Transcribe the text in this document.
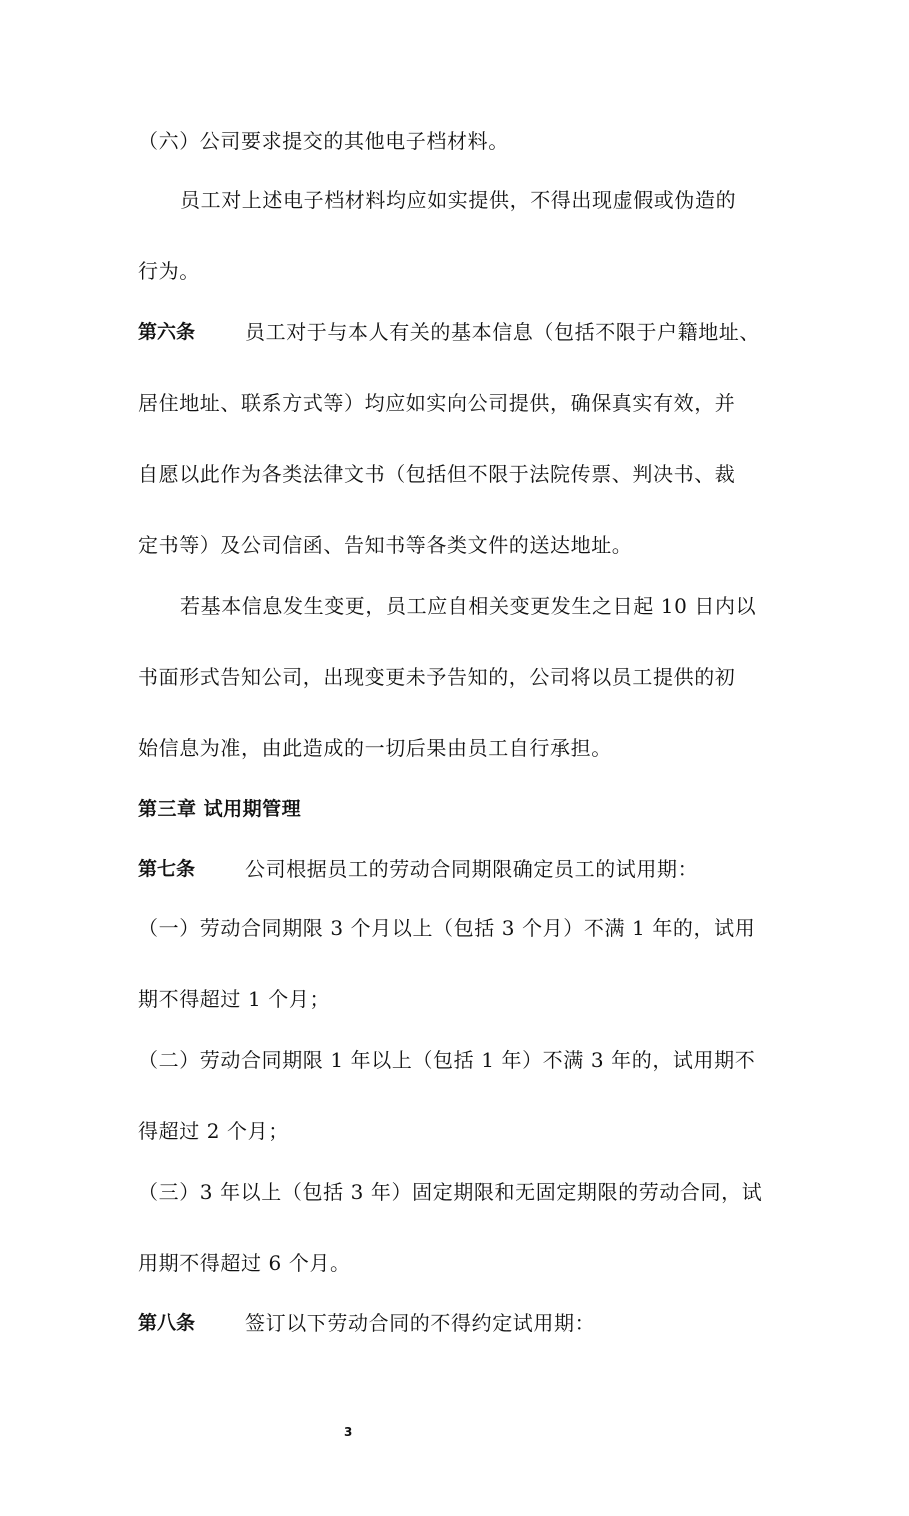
（六）公司要求提交的其他电子档材料。
员工对上述电子档材料均应如实提供，不得出现虚假或伪造的
行为。
第六条 员工对于与本人有关的基本信息（包括不限于户籍地址、
居住地址、联系方式等）均应如实向公司提供，确保真实有效，并
自愿以此作为各类法律文书（包括但不限于法院传票、判决书、裁
定书等）及公司信函、告知书等各类文件的送达地址。
若基本信息发生变更，员工应自相关变更发生之日起 10 日内以
书面形式告知公司，出现变更未予告知的，公司将以员工提供的初
始信息为准，由此造成的一切后果由员工自行承担。
第三章 试用期管理
第七条 公司根据员工的劳动合同期限确定员工的试用期：
（一）劳动合同期限 3 个月以上（包括 3 个月）不满 1 年的，试用
期不得超过 1 个月；
（二）劳动合同期限 1 年以上（包括 1 年）不满 3 年的，试用期不
得超过 2 个月；
（三）3 年以上（包括 3 年）固定期限和无固定期限的劳动合同，试
用期不得超过 6 个月。
第八条 签订以下劳动合同的不得约定试用期：
3
